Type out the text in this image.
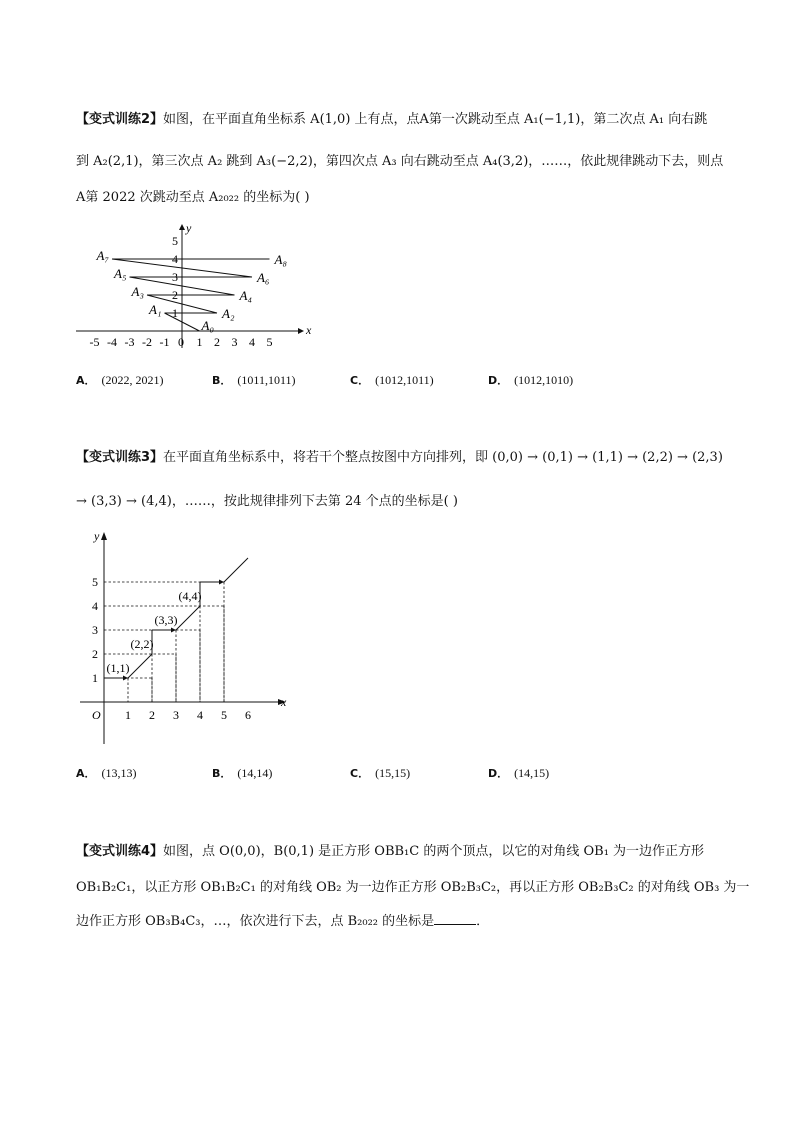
【变式训练2】如图，在平面直角坐标系 A(1,0) 上有点，点A第一次跳动至点 A₁(−1,1)，第二次点 A₁ 向右跳
到 A₂(2,1)，第三次点 A₂ 跳到 A₃(−2,2)，第四次点 A₃ 向右跳动至点 A₄(3,2)，……，依此规律跳动下去，则点
A第 2022 次跳动至点 A₂₀₂₂ 的坐标为( )
x
y
-5 -4 -3 -2 -1 0 1 2 3 4 5
1
2
3
4
5
A₀
A₁	A₂
A₃	A₄
A₅	A₆
A₇	A₈
A． (2022, 2021)	B． (1011,1011)	C． (1012,1011)	D． (1012,1010)
【变式训练3】在平面直角坐标系中，将若干个整点按图中方向排列，即 (0,0) → (0,1) → (1,1) → (2,2) → (2,3)
→ (3,3) → (4,4)，……，按此规律排列下去第 24 个点的坐标是( )
y
x
O 1 2 3 4 5 6
1
2
3
4
5
(1,1)
(2,2)
(3,3)
(4,4)
A． (13,13)	B． (14,14)	C． (15,15)	D． (14,15)
【变式训练4】如图，点 O(0,0)，B(0,1) 是正方形 OBB₁C 的两个顶点，以它的对角线 OB₁ 为一边作正方形
OB₁B₂C₁，以正方形 OB₁B₂C₁ 的对角线 OB₂ 为一边作正方形 OB₂B₃C₂，再以正方形 OB₂B₃C₂ 的对角线 OB₃ 为一
边作正方形 OB₃B₄C₃，…，依次进行下去，点 B₂₀₂₂ 的坐标是	．
